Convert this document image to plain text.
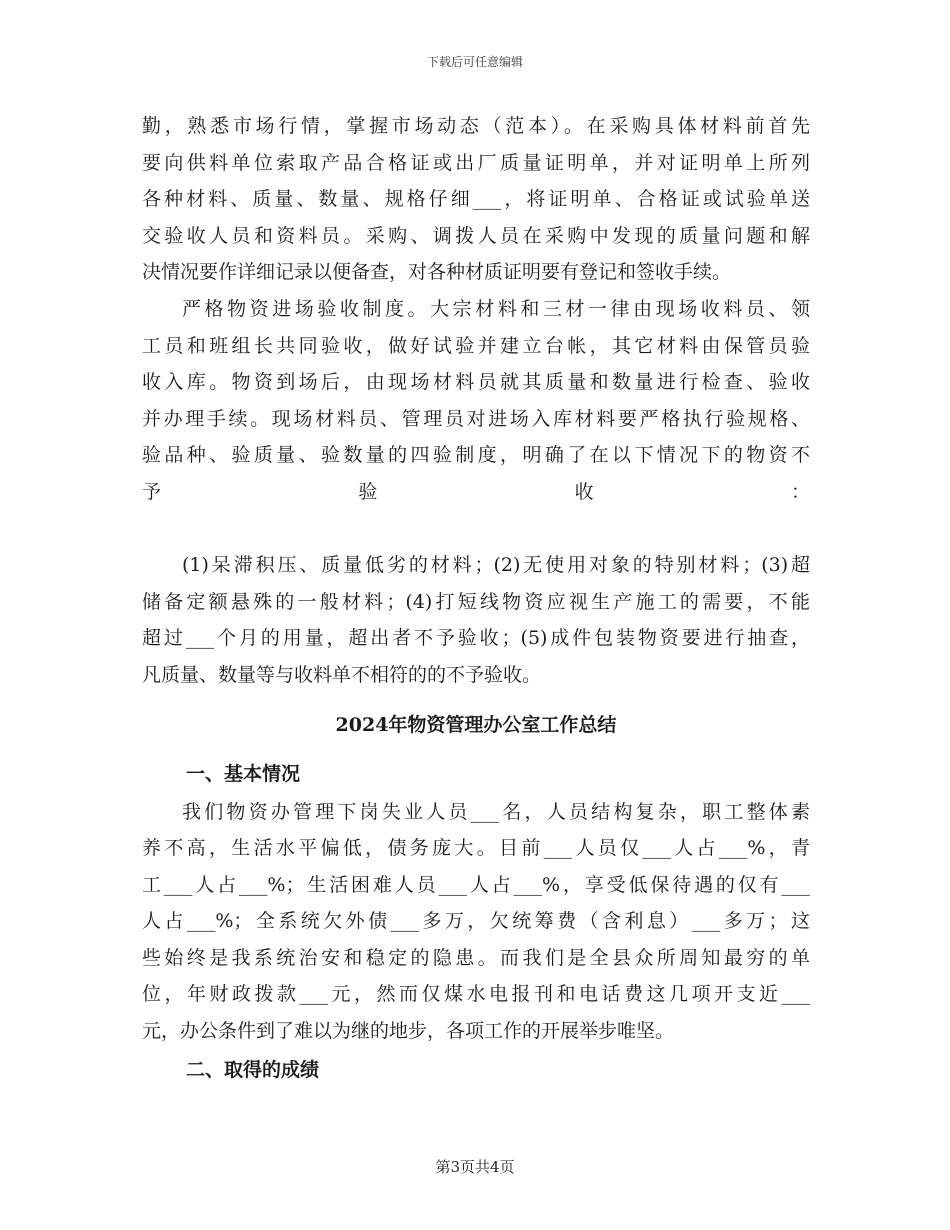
下载后可任意编辑
勤，熟悉市场行情，掌握市场动态（范本）。在采购具体材料前首先
要向供料单位索取产品合格证或出厂质量证明单，并对证明单上所列
各种材料、质量、数量、规格仔细___，将证明单、合格证或试验单送
交验收人员和资料员。采购、调拨人员在采购中发现的质量问题和解
决情况要作详细记录以便备查，对各种材质证明要有登记和签收手续。
严格物资进场验收制度。大宗材料和三材一律由现场收料员、领
工员和班组长共同验收，做好试验并建立台帐，其它材料由保管员验
收入库。物资到场后，由现场材料员就其质量和数量进行检查、验收
并办理手续。现场材料员、管理员对进场入库材料要严格执行验规格、
验品种、验质量、验数量的四验制度，明确了在以下情况下的物资不
予验收：
(1)呆滞积压、质量低劣的材料；(2)无使用对象的特别材料；(3)超
储备定额悬殊的一般材料；(4)打短线物资应视生产施工的需要，不能
超过___个月的用量，超出者不予验收；(5)成件包装物资要进行抽查，
凡质量、数量等与收料单不相符的的不予验收。
2024年物资管理办公室工作总结
一、基本情况
我们物资办管理下岗失业人员___名，人员结构复杂，职工整体素
养不高，生活水平偏低，债务庞大。目前___人员仅___人占___%，青
工___人占___%；生活困难人员___人占___%，享受低保待遇的仅有___
人占___%；全系统欠外债___多万，欠统筹费（含利息）___多万；这
些始终是我系统治安和稳定的隐患。而我们是全县众所周知最穷的单
位，年财政拨款___元，然而仅煤水电报刊和电话费这几项开支近___
元，办公条件到了难以为继的地步，各项工作的开展举步唯坚。
二、取得的成绩
第3页共4页
